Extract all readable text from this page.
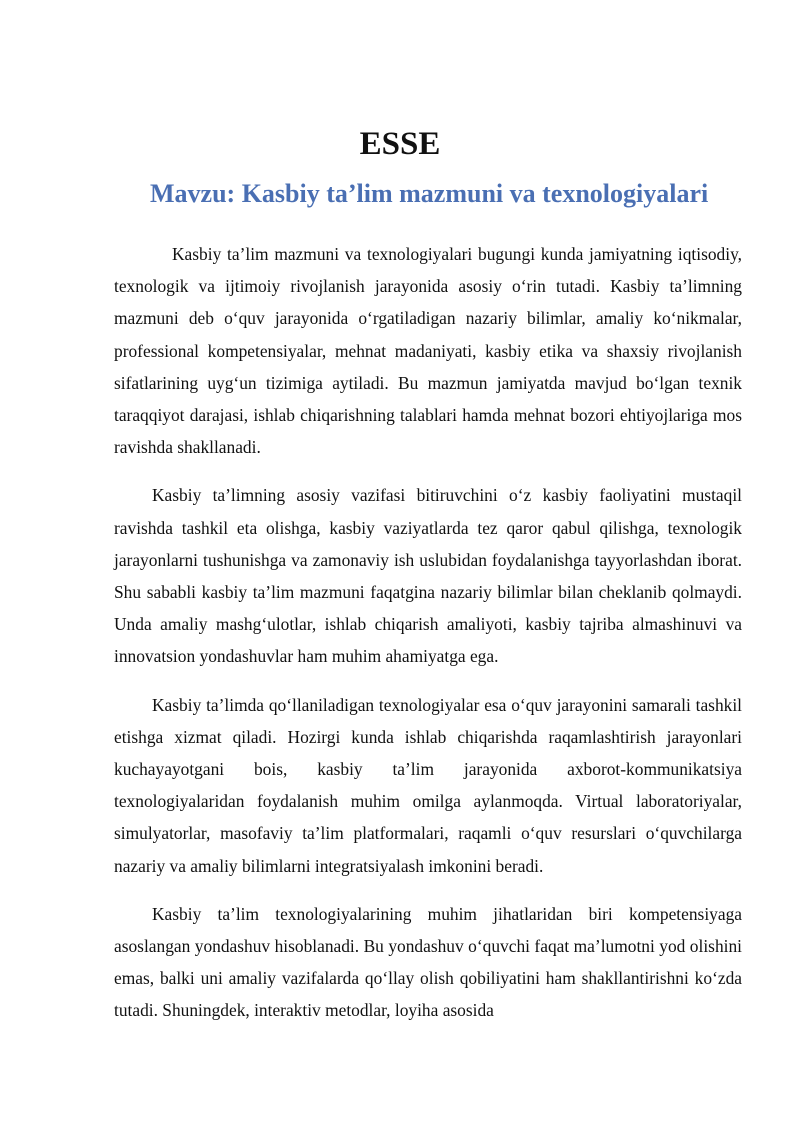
ESSE
Mavzu: Kasbiy ta’lim mazmuni va texnologiyalari

Kasbiy ta’lim mazmuni va texnologiyalari bugungi kunda jamiyatning iqtisodiy, texnologik va ijtimoiy rivojlanish jarayonida asosiy o‘rin tutadi. Kasbiy ta’limning mazmuni deb o‘quv jarayonida o‘rgatiladigan nazariy bilimlar, amaliy ko‘nikmalar, professional kompetensiyalar, mehnat madaniyati, kasbiy etika va shaxsiy rivojlanish sifatlarining uyg‘un tizimiga aytiladi. Bu mazmun jamiyatda mavjud bo‘lgan texnik taraqqiyot darajasi, ishlab chiqarishning talablari hamda mehnat bozori ehtiyojlariga mos ravishda shakllanadi.

Kasbiy ta’limning asosiy vazifasi bitiruvchini o‘z kasbiy faoliyatini mustaqil ravishda tashkil eta olishga, kasbiy vaziyatlarda tez qaror qabul qilishga, texnologik jarayonlarni tushunishga va zamonaviy ish uslubidan foydalanishga tayyorlashdan iborat. Shu sababli kasbiy ta’lim mazmuni faqatgina nazariy bilimlar bilan cheklanib qolmaydi. Unda amaliy mashg‘ulotlar, ishlab chiqarish amaliyoti, kasbiy tajriba almashinuvi va innovatsion yondashuvlar ham muhim ahamiyatga ega.

Kasbiy ta’limda qo‘llaniladigan texnologiyalar esa o‘quv jarayonini samarali tashkil etishga xizmat qiladi. Hozirgi kunda ishlab chiqarishda raqamlashtirish jarayonlari kuchayayotgani bois, kasbiy ta’lim jarayonida axborot-kommunikatsiya texnologiyalaridan foydalanish muhim omilga aylanmoqda. Virtual laboratoriyalar, simulyatorlar, masofaviy ta’lim platformalari, raqamli o‘quv resurslari o‘quvchilarga nazariy va amaliy bilimlarni integratsiyalash imkonini beradi.

Kasbiy ta’lim texnologiyalarining muhim jihatlaridan biri kompetensiyaga asoslangan yondashuv hisoblanadi. Bu yondashuv o‘quvchi faqat ma’lumotni yod olishini emas, balki uni amaliy vazifalarda qo‘llay olish qobiliyatini ham shakllantirishni ko‘zda tutadi. Shuningdek, interaktiv metodlar, loyiha asosida
